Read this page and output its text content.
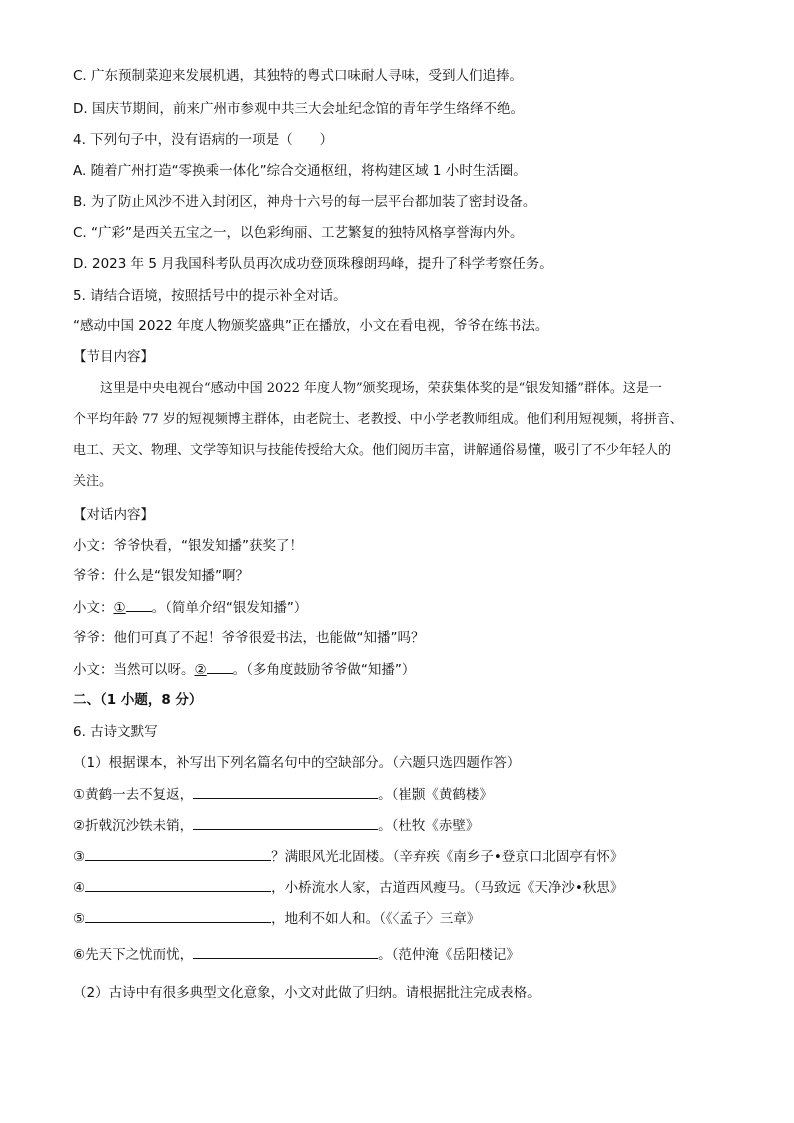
C. 广东预制菜迎来发展机遇，其独特的粤式口味耐人寻味，受到人们追捧。
D. 国庆节期间，前来广州市参观中共三大会址纪念馆的青年学生络绎不绝。
4. 下列句子中，没有语病的一项是（　　）
A. 随着广州打造“零换乘一体化”综合交通枢纽，将构建区域 1 小时生活圈。
B. 为了防止风沙不进入封闭区，神舟十六号的每一层平台都加装了密封设备。
C. “广彩”是西关五宝之一，以色彩绚丽、工艺繁复的独特风格享誉海内外。
D. 2023 年 5 月我国科考队员再次成功登顶珠穆朗玛峰，提升了科学考察任务。
5. 请结合语境，按照括号中的提示补全对话。
“感动中国 2022 年度人物颁奖盛典”正在播放，小文在看电视，爷爷在练书法。
【节目内容】
这里是中央电视台“感动中国 2022 年度人物”颁奖现场，荣获集体奖的是“银发知播”群体。这是一
个平均年龄 77 岁的短视频博主群体，由老院士、老教授、中小学老教师组成。他们利用短视频，将拼音、
电工、天文、物理、文学等知识与技能传授给大众。他们阅历丰富，讲解通俗易懂，吸引了不少年轻人的
关注。
【对话内容】
小文：爷爷快看，“银发知播”获奖了！
爷爷：什么是“银发知播”啊？
小文：① 。（简单介绍“银发知播”）
爷爷：他们可真了不起！爷爷很爱书法，也能做“知播”吗？
小文：当然可以呀。② 。（多角度鼓励爷爷做“知播”）
二、（1 小题，8 分）
6. 古诗文默写
（1）根据课本，补写出下列名篇名句中的空缺部分。（六题只选四题作答）
①黄鹤一去不复返，	。（崔颢《黄鹤楼》
②折戟沉沙铁未销，	。（杜牧《赤壁》
③	？满眼风光北固楼。（辛弃疾《南乡子•登京口北固亭有怀》
④	，小桥流水人家，古道西风瘦马。（马致远《天净沙•秋思》
⑤	，地利不如人和。（《〈孟子〉三章》
⑥先天下之忧而忧，	。（范仲淹《岳阳楼记》
（2）古诗中有很多典型文化意象，小文对此做了归纳。请根据批注完成表格。
